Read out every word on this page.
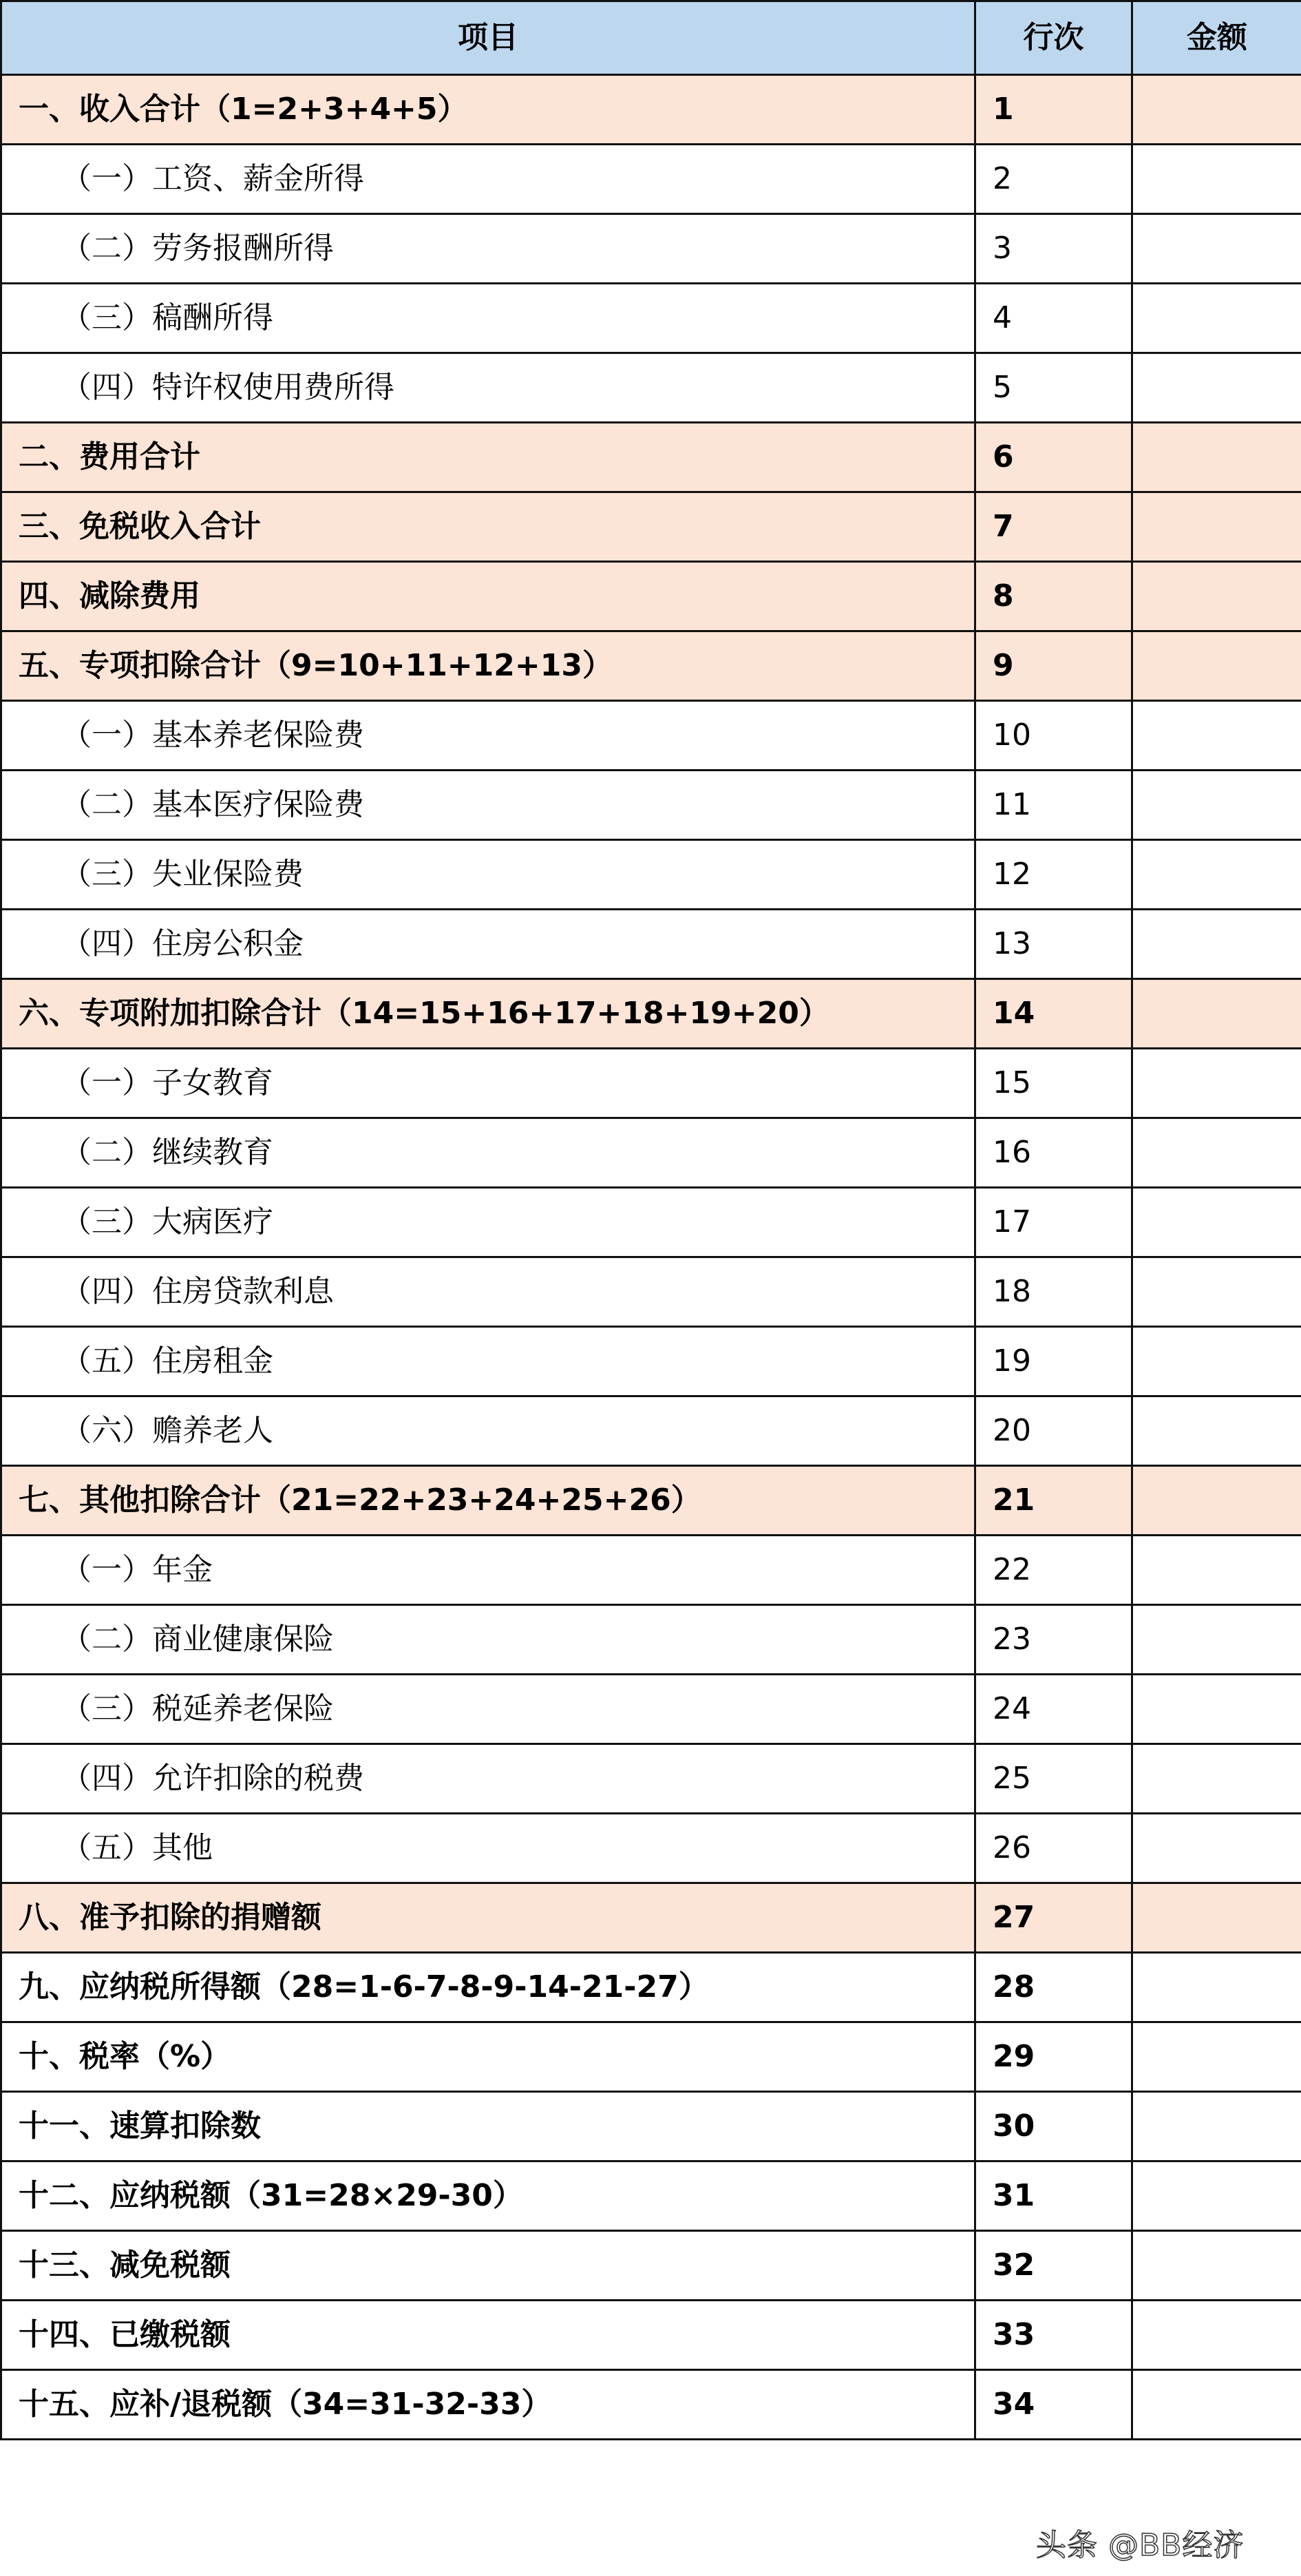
项目	行次	金额
一、收入合计（1=2+3+4+5）	1	
（一）工资、薪金所得	2	
（二）劳务报酬所得	3	
（三）稿酬所得	4	
（四）特许权使用费所得	5	
二、费用合计	6	
三、免税收入合计	7	
四、减除费用	8	
五、专项扣除合计（9=10+11+12+13）	9	
（一）基本养老保险费	10	
（二）基本医疗保险费	11	
（三）失业保险费	12	
（四）住房公积金	13	
六、专项附加扣除合计（14=15+16+17+18+19+20）	14	
（一）子女教育	15	
（二）继续教育	16	
（三）大病医疗	17	
（四）住房贷款利息	18	
（五）住房租金	19	
（六）赡养老人	20	
七、其他扣除合计（21=22+23+24+25+26）	21	
（一）年金	22	
（二）商业健康保险	23	
（三）税延养老保险	24	
（四）允许扣除的税费	25	
（五）其他	26	
八、准予扣除的捐赠额	27	
九、应纳税所得额（28=1-6-7-8-9-14-21-27）	28	
十、税率（%）	29	
十一、速算扣除数	30	
十二、应纳税额（31=28×29-30）	31	
十三、减免税额	32	
十四、已缴税额	33	
十五、应补/退税额（34=31-32-33）	34	
头条 @BB经济
